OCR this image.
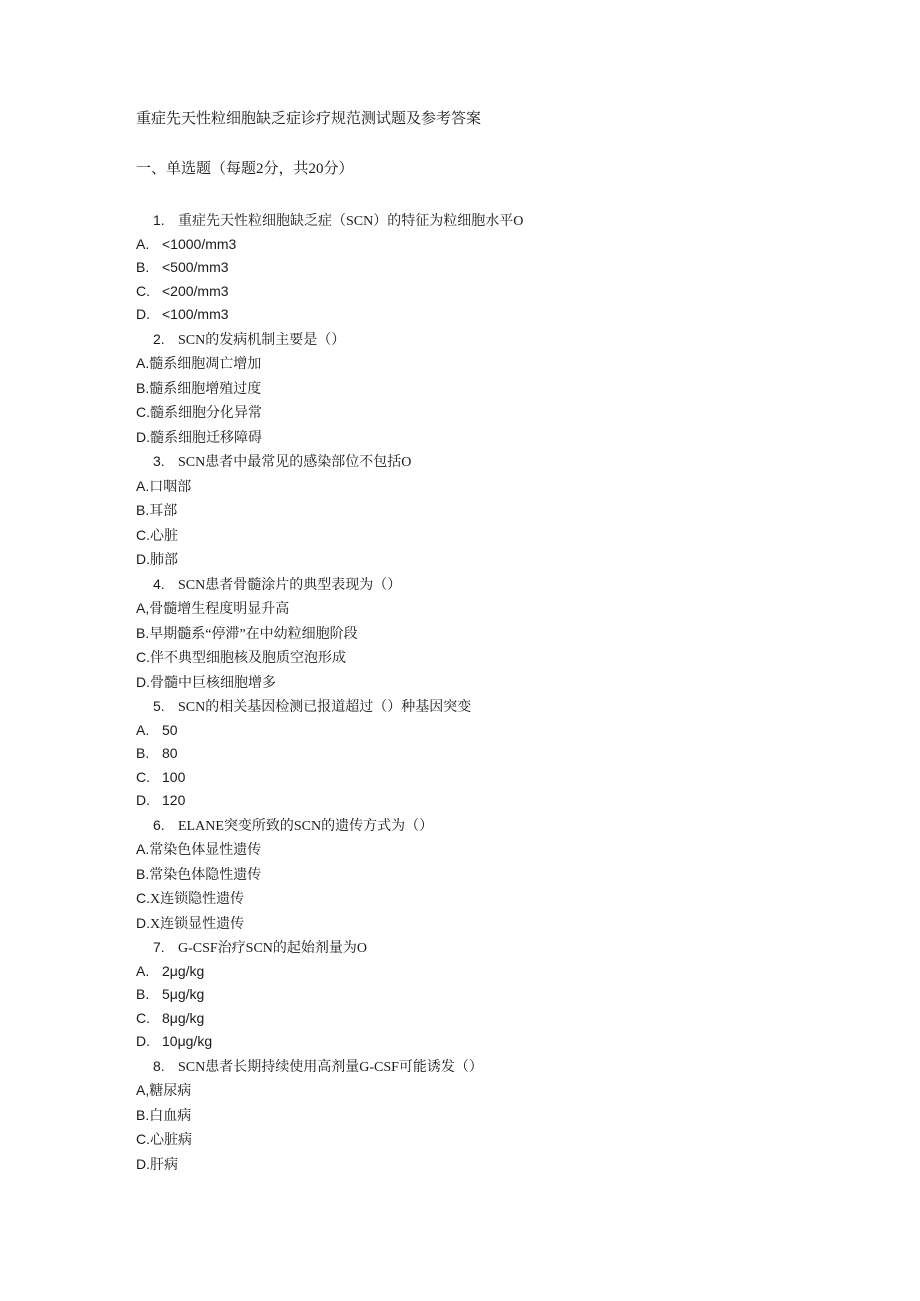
重症先天性粒细胞缺乏症诊疗规范测试题及参考答案
一、单选题（每题2分，共20分）
1. 重症先天性粒细胞缺乏症（SCN）的特征为粒细胞水平O
A. <1000/mm3
B. <500/mm3
C. <200/mm3
D. <100/mm3
2. SCN的发病机制主要是（）
A. 髓系细胞凋亡增加
B. 髓系细胞增殖过度
C. 髓系细胞分化异常
D. 髓系细胞迁移障碍
3. SCN患者中最常见的感染部位不包括O
A. 口咽部
B. 耳部
C. 心脏
D. 肺部
4. SCN患者骨髓涂片的典型表现为（）
A, 骨髓增生程度明显升高
B. 早期髓系“停滞”在中幼粒细胞阶段
C. 伴不典型细胞核及胞质空泡形成
D. 骨髓中巨核细胞增多
5. SCN的相关基因检测已报道超过（）种基因突变
A. 50
B. 80
C. 100
D. 120
6. ELANE突变所致的SCN的遗传方式为（）
A. 常染色体显性遗传
B. 常染色体隐性遗传
C. X连锁隐性遗传
D. X连锁显性遗传
7. G-CSF治疗SCN的起始剂量为O
A. 2μg/kg
B. 5μg/kg
C. 8μg/kg
D. 10μg/kg
8. SCN患者长期持续使用高剂量G-CSF可能诱发（）
A, 糖尿病
B. 白血病
C. 心脏病
D. 肝病
